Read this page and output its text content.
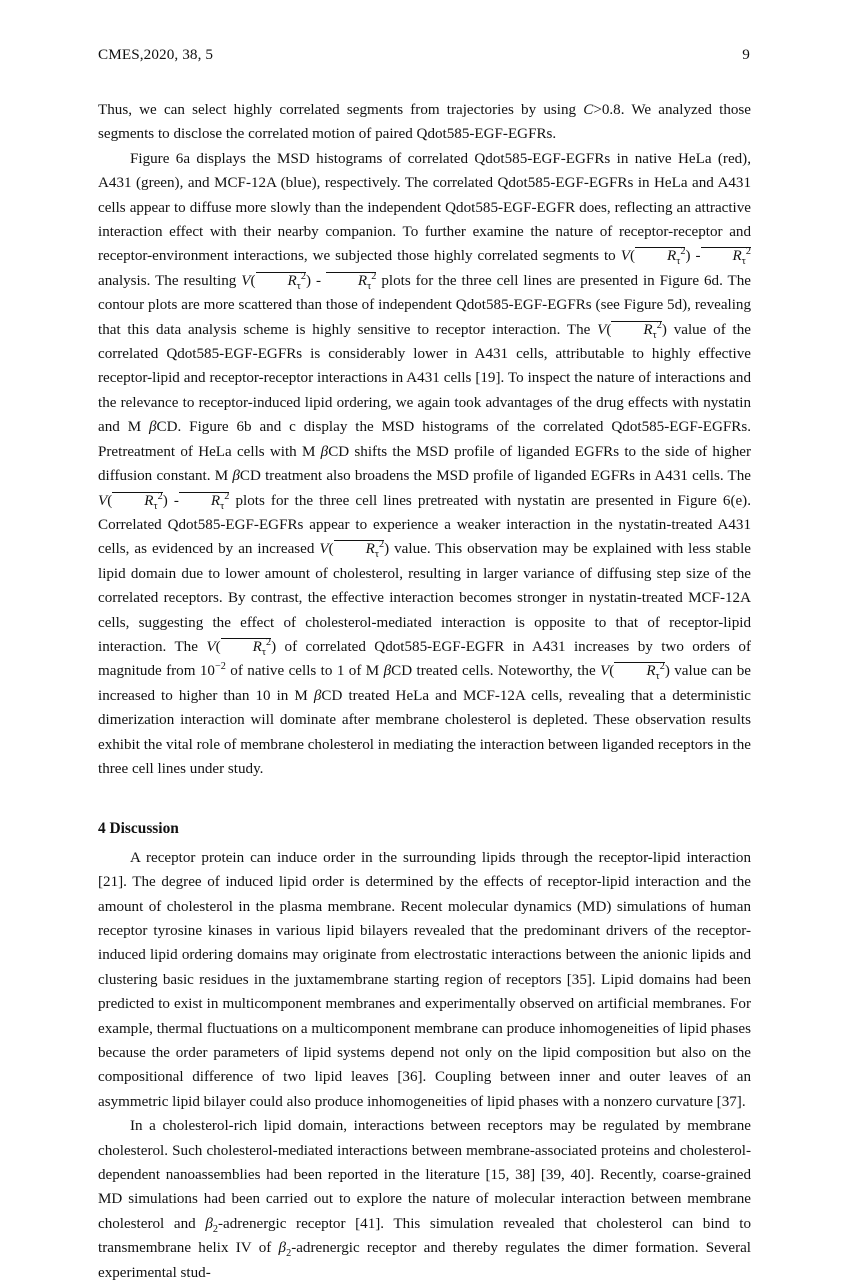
CMES,2020, 38, 5	9

Thus, we can select highly correlated segments from trajectories by using C>0.8. We analyzed those segments to disclose the correlated motion of paired Qdot585-EGF-EGFRs.

Figure 6a displays the MSD histograms of correlated Qdot585-EGF-EGFRs in native HeLa (red), A431 (green), and MCF-12A (blue), respectively. The correlated Qdot585-EGF-EGFRs in HeLa and A431 cells appear to diffuse more slowly than the independent Qdot585-EGF-EGFR does, reflecting an attractive interaction effect with their nearby companion. To further examine the nature of receptor-receptor and receptor-environment interactions, we subjected those highly correlated segments to V( $R_\tau^2) - R_\tau^2$ analysis. The resulting V( $R_\tau^2) - R_\tau^2$ plots for the three cell lines are presented in Figure 6d. The contour plots are more scattered than those of independent Qdot585-EGF-EGFRs (see Figure 5d), revealing that this data analysis scheme is highly sensitive to receptor interaction. The V( $R_\tau^2$) value of the correlated Qdot585-EGF-EGFRs is considerably lower in A431 cells, attributable to highly effective receptor-lipid and receptor-receptor interactions in A431 cells [19]. To inspect the nature of interactions and the relevance to receptor-induced lipid ordering, we again took advantages of the drug effects with nystatin and M βCD. Figure 6b and c display the MSD histograms of the correlated Qdot585-EGF-EGFRs. Pretreatment of HeLa cells with M βCD shifts the MSD profile of liganded EGFRs to the side of higher diffusion constant. M βCD treatment also broadens the MSD profile of liganded EGFRs in A431 cells. The V( $R_\tau^2) - R_\tau^2$ plots for the three cell lines pretreated with nystatin are presented in Figure 6(e). Correlated Qdot585-EGF-EGFRs appear to experience a weaker interaction in the nystatin-treated A431 cells, as evidenced by an increased V( $R_\tau^2$) value. This observation may be explained with less stable lipid domain due to lower amount of cholesterol, resulting in larger variance of diffusing step size of the correlated receptors. By contrast, the effective interaction becomes stronger in nystatin-treated MCF-12A cells, suggesting the effect of cholesterol-mediated interaction is opposite to that of receptor-lipid interaction. The V( $R_\tau^2$) of correlated Qdot585-EGF-EGFR in A431 increases by two orders of magnitude from $10^{-2}$ of native cells to 1 of M βCD treated cells. Noteworthy, the V( $R_\tau^2$) value can be increased to higher than 10 in M βCD treated HeLa and MCF-12A cells, revealing that a deterministic dimerization interaction will dominate after membrane cholesterol is depleted. These observation results exhibit the vital role of membrane cholesterol in mediating the interaction between liganded receptors in the three cell lines under study.

4 Discussion

A receptor protein can induce order in the surrounding lipids through the receptor-lipid interaction [21]. The degree of induced lipid order is determined by the effects of receptor-lipid interaction and the amount of cholesterol in the plasma membrane. Recent molecular dynamics (MD) simulations of human receptor tyrosine kinases in various lipid bilayers revealed that the predominant drivers of the receptor-induced lipid ordering domains may originate from electrostatic interactions between the anionic lipids and clustering basic residues in the juxtamembrane starting region of receptors [35]. Lipid domains had been predicted to exist in multicomponent membranes and experimentally observed on artificial membranes. For example, thermal fluctuations on a multicomponent membrane can produce inhomogeneities of lipid phases because the order parameters of lipid systems depend not only on the lipid composition but also on the compositional difference of two lipid leaves [36]. Coupling between inner and outer leaves of an asymmetric lipid bilayer could also produce inhomogeneities of lipid phases with a nonzero curvature [37].

In a cholesterol-rich lipid domain, interactions between receptors may be regulated by membrane cholesterol. Such cholesterol-mediated interactions between membrane-associated proteins and cholesterol-dependent nanoassemblies had been reported in the literature [15, 38] [39, 40]. Recently, coarse-grained MD simulations had been carried out to explore the nature of molecular interaction between membrane cholesterol and $\beta_2$-adrenergic receptor [41]. This simulation revealed that cholesterol can bind to transmembrane helix IV of $\beta_2$-adrenergic receptor and thereby regulates the dimer formation. Several experimental stud-
